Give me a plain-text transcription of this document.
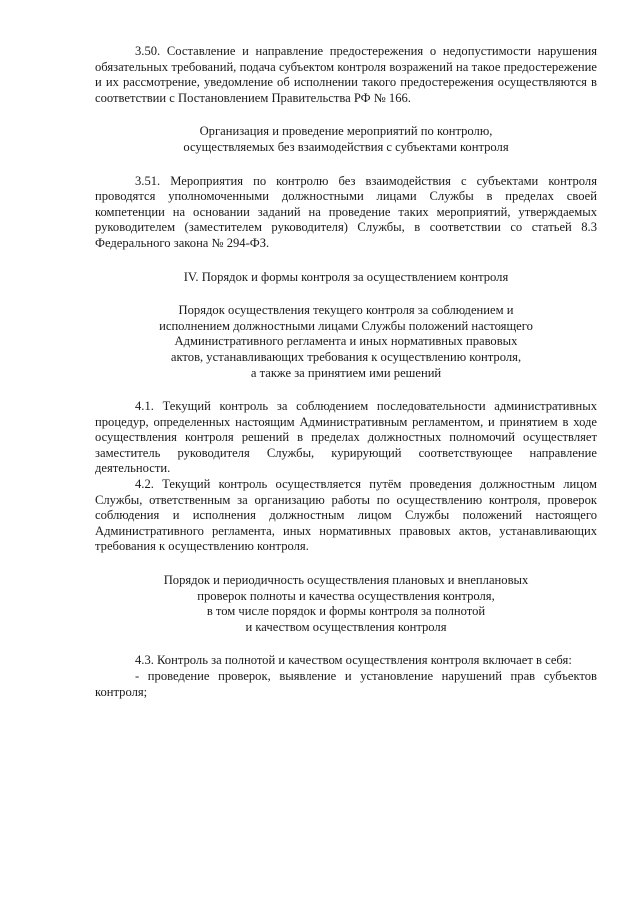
3.50. Составление и направление предостережения о недопустимости нарушения обязательных требований, подача субъектом контроля возражений на такое предостережение и их рассмотрение, уведомление об исполнении такого предостережения осуществляются в соответствии с Постановлением Правительства РФ № 166.

Организация и проведение мероприятий по контролю,
осуществляемых без взаимодействия с субъектами контроля

3.51. Мероприятия по контролю без взаимодействия с субъектами контроля проводятся уполномоченными должностными лицами Службы в пределах своей компетенции на основании заданий на проведение таких мероприятий, утверждаемых руководителем (заместителем руководителя) Службы, в соответствии со статьей 8.3 Федерального закона № 294-ФЗ.

IV. Порядок и формы контроля за осуществлением контроля
Порядок осуществления текущего контроля за соблюдением и
исполнением должностными лицами Службы положений настоящего
Административного регламента и иных нормативных правовых
актов, устанавливающих требования к осуществлению контроля,
а также за принятием ими решений

4.1. Текущий контроль за соблюдением последовательности административных процедур, определенных настоящим Административным регламентом, и принятием в ходе осуществления контроля решений в пределах должностных полномочий осуществляет заместитель руководителя Службы, курирующий соответствующее направление деятельности.

4.2. Текущий контроль осуществляется путём проведения должностным лицом Службы, ответственным за организацию работы по осуществлению контроля, проверок соблюдения и исполнения должностным лицом Службы положений настоящего Административного регламента, иных нормативных правовых актов, устанавливающих требования к осуществлению контроля.

Порядок и периодичность осуществления плановых и внеплановых
проверок полноты и качества осуществления контроля,
в том числе порядок и формы контроля за полнотой
и качеством осуществления контроля

4.3. Контроль за полнотой и качеством осуществления контроля включает в себя:

- проведение проверок, выявление и установление нарушений прав субъектов контроля;
